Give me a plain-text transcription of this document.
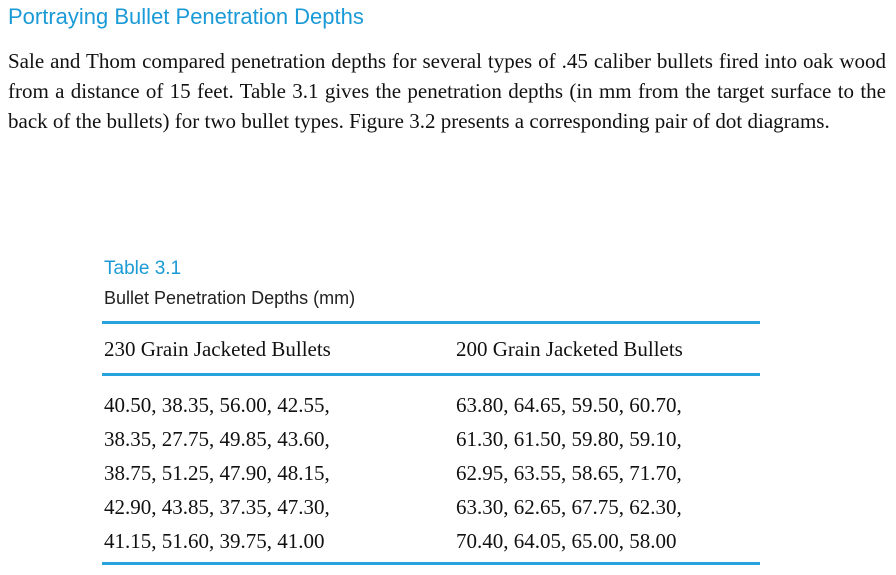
Portraying Bullet Penetration Depths

Sale and Thom compared penetration depths for several types of .45 caliber bullets fired into oak wood from a distance of 15 feet. Table 3.1 gives the penetration depths (in mm from the target surface to the back of the bullets) for two bullet types. Figure 3.2 presents a corresponding pair of dot diagrams.

Table 3.1
Bullet Penetration Depths (mm)
230 Grain Jacketed Bullets	200 Grain Jacketed Bullets
40.50, 38.35, 56.00, 42.55,
38.35, 27.75, 49.85, 43.60,
38.75, 51.25, 47.90, 48.15,
42.90, 43.85, 37.35, 47.30,
41.15, 51.60, 39.75, 41.00
63.80, 64.65, 59.50, 60.70,
61.30, 61.50, 59.80, 59.10,
62.95, 63.55, 58.65, 71.70,
63.30, 62.65, 67.75, 62.30,
70.40, 64.05, 65.00, 58.00
